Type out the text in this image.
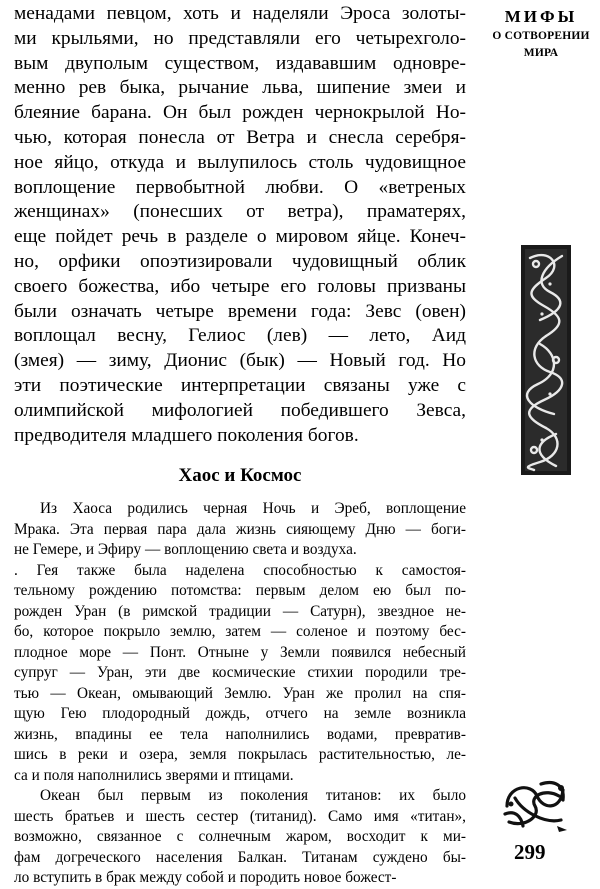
менадами певцом, хоть и наделяли Эроса золоты-
ми крыльями, но представляли его четырехголо-
вым двуполым существом, издававшим одновре-
менно рев быка, рычание льва, шипение змеи и
блеяние барана. Он был рожден чернокрылой Но-
чью, которая понесла от Ветра и снесла серебря-
ное яйцо, откуда и вылупилось столь чудовищное
воплощение первобытной любви. О «ветреных
женщинах» (понесших от ветра), праматерях,
еще пойдет речь в разделе о мировом яйце. Конеч-
но, орфики опоэтизировали чудовищный облик
своего божества, ибо четыре его головы призваны
были означать четыре времени года: Зевс (овен)
воплощал весну, Гелиос (лев) — лето, Аид
(змея) — зиму, Дионис (бык) — Новый год. Но
эти поэтические интерпретации связаны уже с
олимпийской мифологией победившего Зевса,
предводителя младшего поколения богов.

Хаос и Космос

Из Хаоса родились черная Ночь и Эреб, воплощение
Мрака. Эта первая пара дала жизнь сияющему Дню — боги-
не Гемере, и Эфиру — воплощению света и воздуха.

. Гея также была наделена способностью к самостоя-
тельному рождению потомства: первым делом ею был по-
рожден Уран (в римской традиции — Сатурн), звездное не-
бо, которое покрыло землю, затем — соленое и поэтому бес-
плодное море — Понт. Отныне у Земли появился небесный
супруг — Уран, эти две космические стихии породили тре-
тью — Океан, омывающий Землю. Уран же пролил на спя-
щую Гею плодородный дождь, отчего на земле возникла
жизнь, впадины ее тела наполнились водами, превратив-
шись в реки и озера, земля покрылась растительностью, ле-
са и поля наполнились зверями и птицами.

Океан был первым из поколения титанов: их было
шесть братьев и шесть сестер (титанид). Само имя «титан»,
возможно, связанное с солнечным жаром, восходит к ми-
фам догреческого населения Балкан. Титанам суждено бы-
ло вступить в брак между собой и породить новое божест-

МИФЫ
О СОТВОРЕНИИ
МИРА
299
